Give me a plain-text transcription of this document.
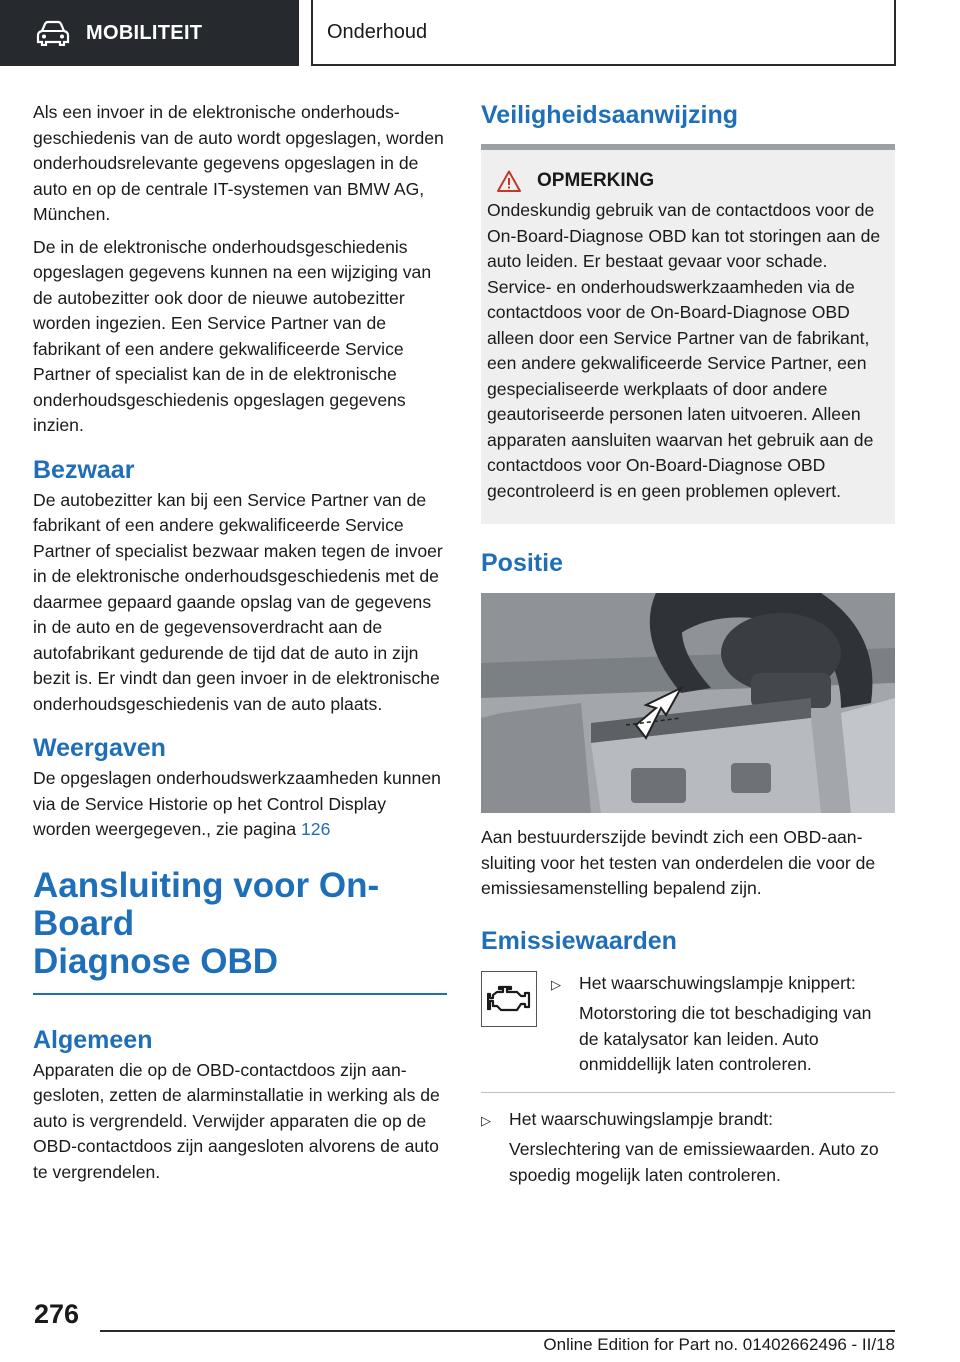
MOBILITEIT	Onderhoud

Als een invoer in de elektronische onderhoudsgeschiedenis van de auto wordt opgeslagen, worden onderhoudsrelevante gegevens opgeslagen in de auto en op de centrale IT-systemen van BMW AG, München.

De in de elektronische onderhoudsgeschiedenis opgeslagen gegevens kunnen na een wijziging van de autobezitter ook door de nieuwe autobezitter worden ingezien. Een Service Partner van de fabrikant of een andere gekwalificeerde Service Partner of specialist kan de in de elektronische onderhoudsgeschiedenis opgeslagen gegevens inzien.

Bezwaar

De autobezitter kan bij een Service Partner van de fabrikant of een andere gekwalificeerde Service Partner of specialist bezwaar maken tegen de invoer in de elektronische onderhoudsgeschiedenis met de daarmee gepaard gaande opslag van de gegevens in de auto en de gegevensoverdracht aan de autofabrikant gedurende de tijd dat de auto in zijn bezit is. Er vindt dan geen invoer in de elektronische onderhoudsgeschiedenis van de auto plaats.

Weergaven

De opgeslagen onderhoudswerkzaamheden kunnen via de Service Historie op het Control Display worden weergegeven., zie pagina 126

Aansluiting voor On-Board
Diagnose OBD
Algemeen

Apparaten die op de OBD-contactdoos zijn aangesloten, zetten de alarminstallatie in werking als de auto is vergrendeld. Verwijder apparaten die op de OBD-contactdoos zijn aangesloten alvorens de auto te vergrendelen.

Veiligheidsaanwijzing
OPMERKING

Ondeskundig gebruik van de contactdoos voor de On-Board-Diagnose OBD kan tot storingen aan de auto leiden. Er bestaat gevaar voor schade. Service- en onderhoudswerkzaamheden via de contactdoos voor de On-Board-Diagnose OBD alleen door een Service Partner van de fabrikant, een andere gekwalificeerde Service Partner, een gespecialiseerde werkplaats of door andere geautoriseerde personen laten uitvoeren. Alleen apparaten aansluiten waarvan het gebruik aan de contactdoos voor On-Board-Diagnose OBD gecontroleerd is en geen problemen oplevert.

Positie

Aan bestuurderszijde bevindt zich een OBD-aansluiting voor het testen van onderdelen die voor de emissiesamenstelling bepalend zijn.

Emissiewaarden
▷	Het waarschuwingslampje knippert:
Motorstoring die tot beschadiging van de katalysator kan leiden. Auto onmiddellijk laten controleren.
▷	Het waarschuwingslampje brandt:
Verslechtering van de emissiewaarden. Auto zo spoedig mogelijk laten controleren.
276
Online Edition for Part no. 01402662496 - II/18
